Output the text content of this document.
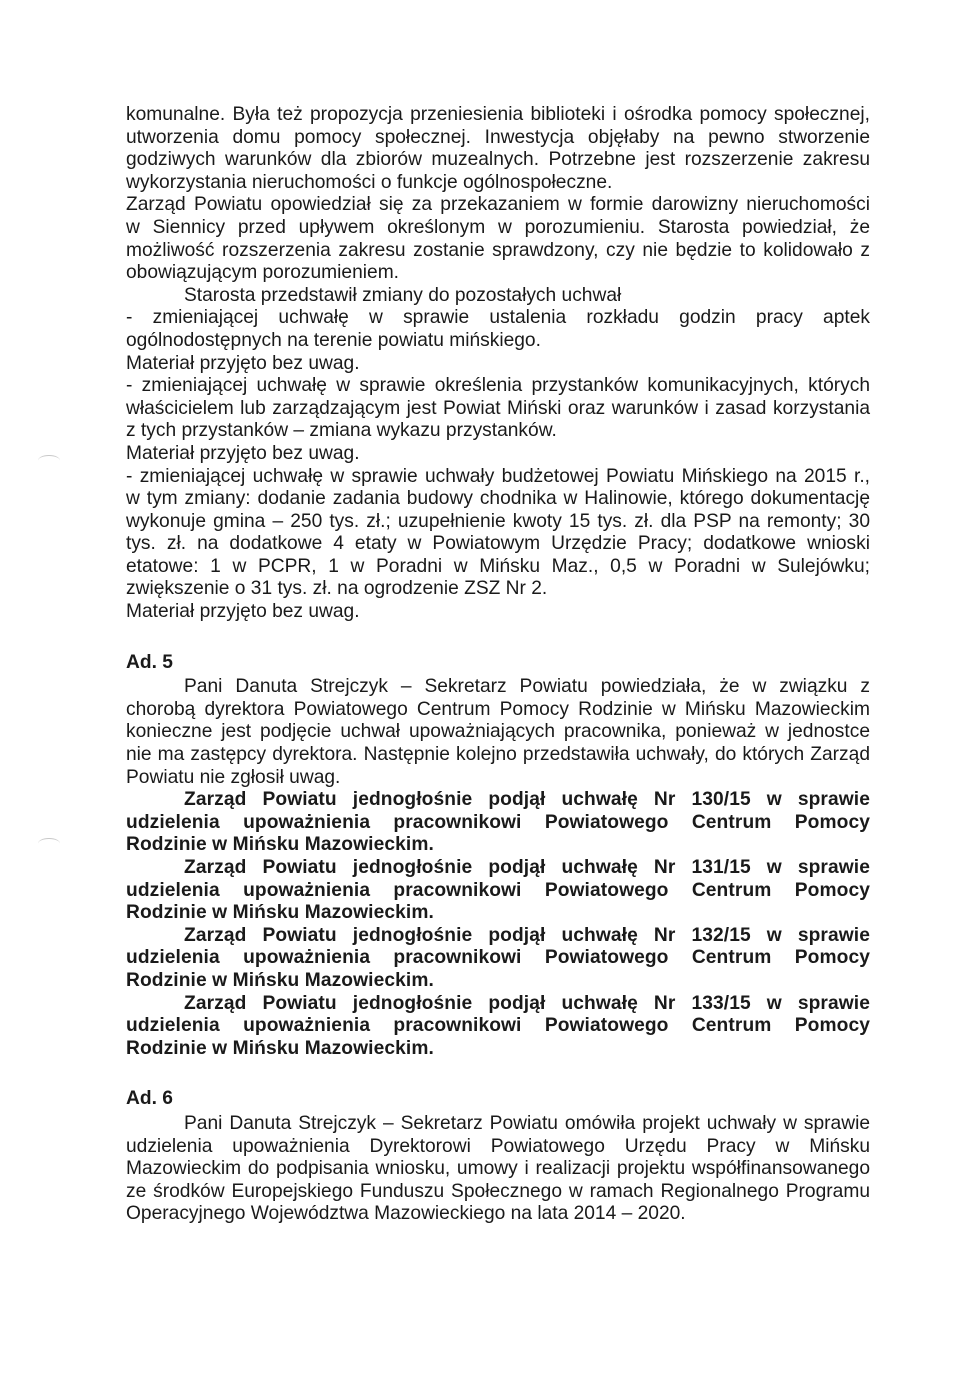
komunalne. Była też propozycja przeniesienia biblioteki i ośrodka pomocy społecznej,
utworzenia domu pomocy społecznej. Inwestycja objęłaby na pewno stworzenie
godziwych warunków dla zbiorów muzealnych. Potrzebne jest rozszerzenie zakresu
wykorzystania nieruchomości o funkcje ogólnospołeczne.
Zarząd Powiatu opowiedział się za przekazaniem w formie darowizny nieruchomości
w Siennicy przed upływem określonym w porozumieniu. Starosta powiedział, że
możliwość rozszerzenia zakresu zostanie sprawdzony, czy nie będzie to kolidowało z
obowiązującym porozumieniem.
Starosta przedstawił zmiany do pozostałych uchwał
- zmieniającej uchwałę w sprawie ustalenia rozkładu godzin pracy aptek
ogólnodostępnych na terenie powiatu mińskiego.
Materiał przyjęto bez uwag.
- zmieniającej uchwałę w sprawie określenia przystanków komunikacyjnych, których
właścicielem lub zarządzającym jest Powiat Miński oraz warunków i zasad korzystania
z tych przystanków – zmiana wykazu przystanków.
Materiał przyjęto bez uwag.
- zmieniającej uchwałę w sprawie uchwały budżetowej Powiatu Mińskiego na 2015 r.,
w tym zmiany: dodanie zadania budowy chodnika w Halinowie, którego dokumentację
wykonuje gmina – 250 tys. zł.; uzupełnienie kwoty 15 tys. zł. dla PSP na remonty; 30
tys. zł. na dodatkowe 4 etaty w Powiatowym Urzędzie Pracy; dodatkowe wnioski
etatowe: 1 w PCPR, 1 w Poradni w Mińsku Maz., 0,5 w Poradni w Sulejówku;
zwiększenie o 31 tys. zł. na ogrodzenie ZSZ Nr 2.
Materiał przyjęto bez uwag.
Ad. 5
Pani Danuta Strejczyk – Sekretarz Powiatu powiedziała, że w związku z
chorobą dyrektora Powiatowego Centrum Pomocy Rodzinie w Mińsku Mazowieckim
konieczne jest podjęcie uchwał upoważniających pracownika, ponieważ w jednostce
nie ma zastępcy dyrektora. Następnie kolejno przedstawiła uchwały, do których Zarząd
Powiatu nie zgłosił uwag.
Zarząd Powiatu jednogłośnie podjął uchwałę Nr 130/15 w sprawie
udzielenia upoważnienia pracownikowi Powiatowego Centrum Pomocy
Rodzinie w Mińsku Mazowieckim.
Zarząd Powiatu jednogłośnie podjął uchwałę Nr 131/15 w sprawie
udzielenia upoważnienia pracownikowi Powiatowego Centrum Pomocy
Rodzinie w Mińsku Mazowieckim.
Zarząd Powiatu jednogłośnie podjął uchwałę Nr 132/15 w sprawie
udzielenia upoważnienia pracownikowi Powiatowego Centrum Pomocy
Rodzinie w Mińsku Mazowieckim.
Zarząd Powiatu jednogłośnie podjął uchwałę Nr 133/15 w sprawie
udzielenia upoważnienia pracownikowi Powiatowego Centrum Pomocy
Rodzinie w Mińsku Mazowieckim.
Ad. 6
Pani Danuta Strejczyk – Sekretarz Powiatu omówiła projekt uchwały w sprawie
udzielenia upoważnienia Dyrektorowi Powiatowego Urzędu Pracy w Mińsku
Mazowieckim do podpisania wniosku, umowy i realizacji projektu współfinansowanego
ze środków Europejskiego Funduszu Społecznego w ramach Regionalnego Programu
Operacyjnego Województwa Mazowieckiego na lata 2014 – 2020.
